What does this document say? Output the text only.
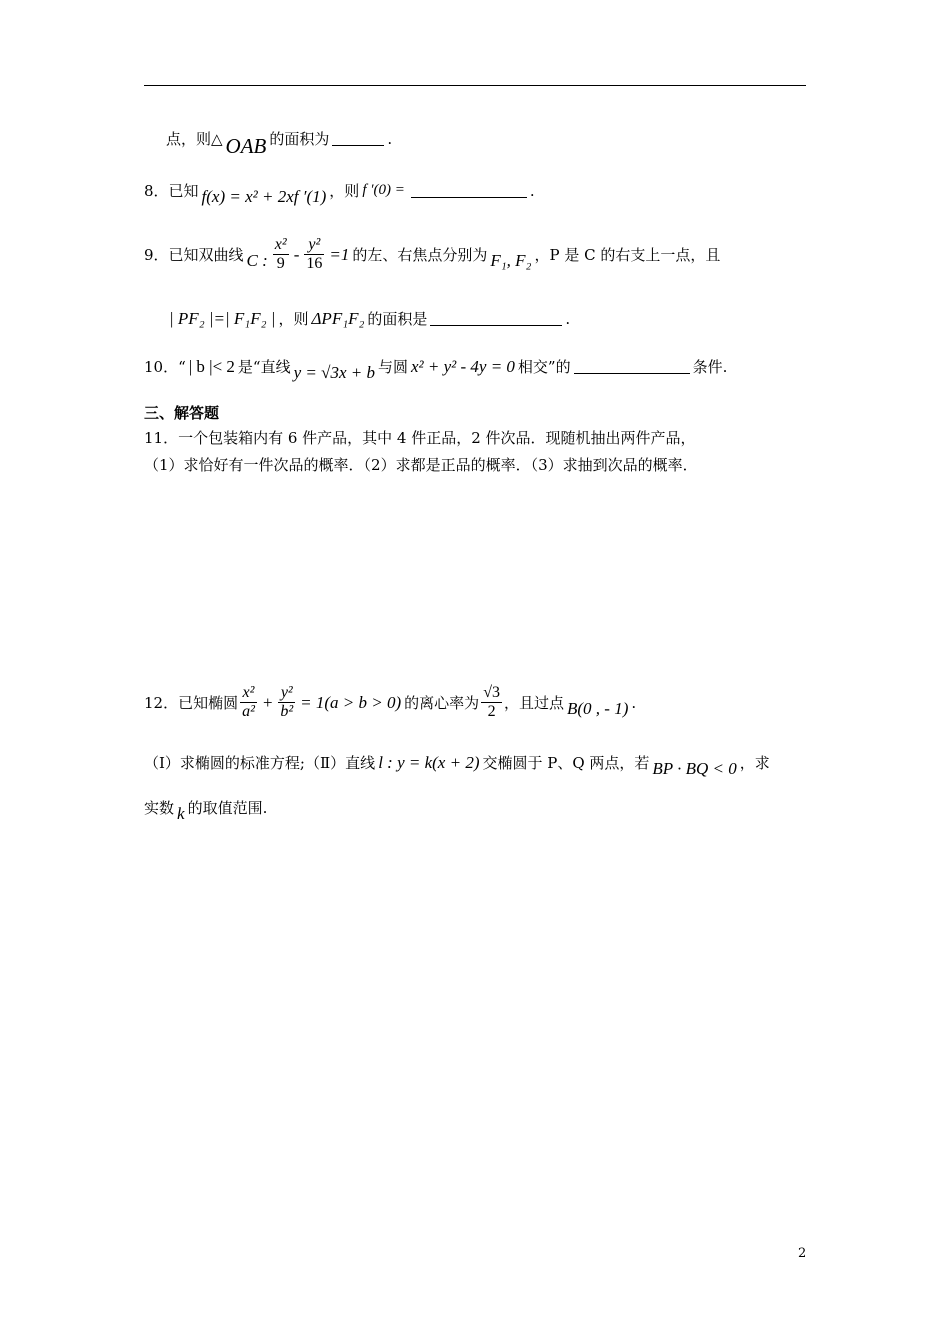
点，则△ OAB 的面积为	.
8．已知 f(x) = x² + 2xf ′(1) ，则 f ′(0) =	.
9．已知双曲线 C : $\frac{\text{x²}}{9} - \frac{\text{y²}}{16} =1$ 的左、右焦点分别为 F₁, F₂ ，P 是 C 的右支上一点，且
| PF₂ |=| F₁F₂ | ，则 ΔPF₁F₂ 的面积是	.
10．“ | b |< 2 是“直线 y = √3x + b 与圆 x² + y² - 4y = 0 相交”的	条件.
三、解答题
11．一个包装箱内有 6 件产品，其中 4 件正品，2 件次品．现随机抽出两件产品，
（1）求恰好有一件次品的概率．（2）求都是正品的概率．（3）求抽到次品的概率．
12．已知椭圆 $\frac{\text{x²}}{\text{a²}} + \frac{\text{y²}}{\text{b²}} = 1(a > b > 0)$ 的离心率为 $\frac{√3}{2}$ ，且过点 B(0 , - 1) .
（Ⅰ）求椭圆的标准方程;（Ⅱ）直线 l : y = k(x + 2) 交椭圆于 P、Q 两点，若 BP · BQ < 0 ，求
实数 k 的取值范围.
2
